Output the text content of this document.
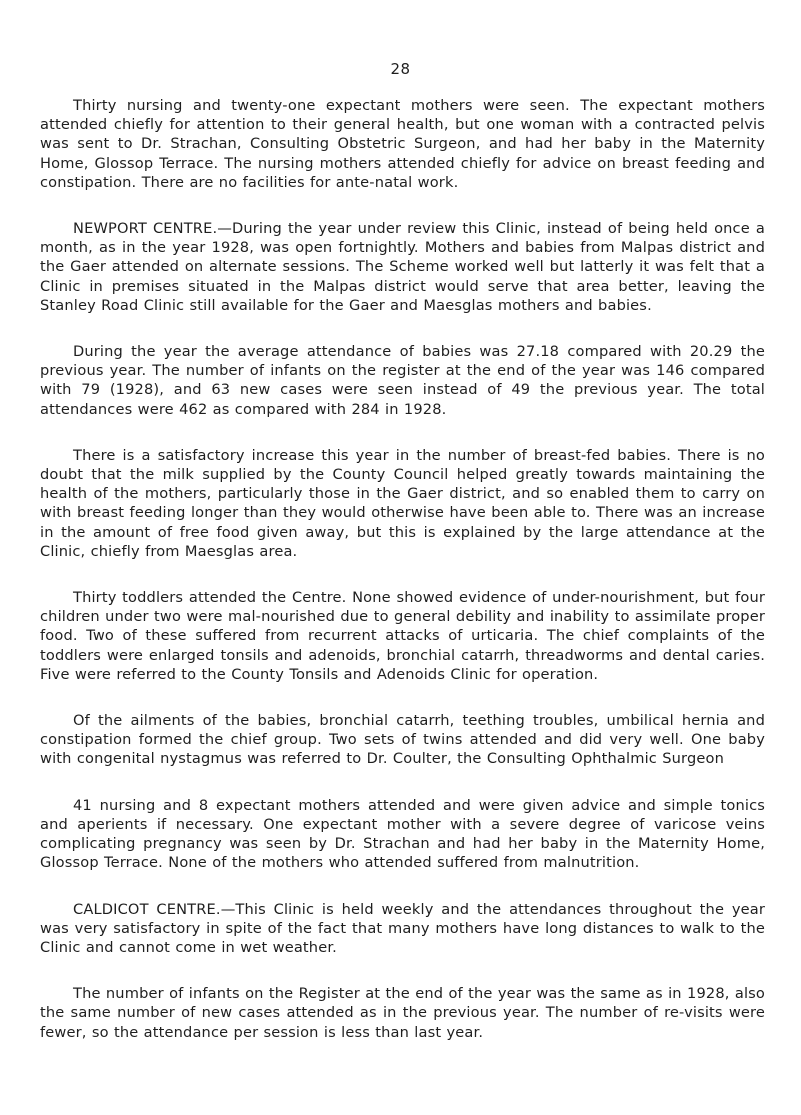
28

Thirty nursing and twenty-one expectant mothers were seen. The expectant mothers attended chiefly for attention to their general health, but one woman with a contracted pelvis was sent to Dr. Strachan, Consulting Obstetric Surgeon, and had her baby in the Maternity Home, Glossop Terrace. The nursing mothers attended chiefly for advice on breast feeding and constipation. There are no facilities for ante-natal work.

NEWPORT CENTRE.—During the year under review this Clinic, instead of being held once a month, as in the year 1928, was open fortnightly. Mothers and babies from Malpas district and the Gaer attended on alternate sessions. The Scheme worked well but latterly it was felt that a Clinic in premises situated in the Malpas district would serve that area better, leaving the Stanley Road Clinic still available for the Gaer and Maesglas mothers and babies.

During the year the average attendance of babies was 27.18 compared with 20.29 the previous year. The number of infants on the register at the end of the year was 146 compared with 79 (1928), and 63 new cases were seen instead of 49 the previous year. The total attendances were 462 as compared with 284 in 1928.

There is a satisfactory increase this year in the number of breast-fed babies. There is no doubt that the milk supplied by the County Council helped greatly towards maintaining the health of the mothers, particularly those in the Gaer district, and so enabled them to carry on with breast feeding longer than they would otherwise have been able to. There was an increase in the amount of free food given away, but this is explained by the large attendance at the Clinic, chiefly from Maesglas area.

Thirty toddlers attended the Centre. None showed evidence of under-nourishment, but four children under two were mal-nourished due to general debility and inability to assimilate proper food. Two of these suffered from recurrent attacks of urticaria. The chief complaints of the toddlers were enlarged tonsils and adenoids, bronchial catarrh, threadworms and dental caries. Five were referred to the County Tonsils and Adenoids Clinic for operation.

Of the ailments of the babies, bronchial catarrh, teething troubles, umbilical hernia and constipation formed the chief group. Two sets of twins attended and did very well. One baby with congenital nystagmus was referred to Dr. Coulter, the Consulting Ophthalmic Surgeon

41 nursing and 8 expectant mothers attended and were given advice and simple tonics and aperients if necessary. One expectant mother with a severe degree of varicose veins complicating pregnancy was seen by Dr. Strachan and had her baby in the Maternity Home, Glossop Terrace. None of the mothers who attended suffered from malnutrition.

CALDICOT CENTRE.—This Clinic is held weekly and the attendances throughout the year was very satisfactory in spite of the fact that many mothers have long distances to walk to the Clinic and cannot come in wet weather.

The number of infants on the Register at the end of the year was the same as in 1928, also the same number of new cases attended as in the previous year. The number of re-visits were fewer, so the attendance per session is less than last year.
